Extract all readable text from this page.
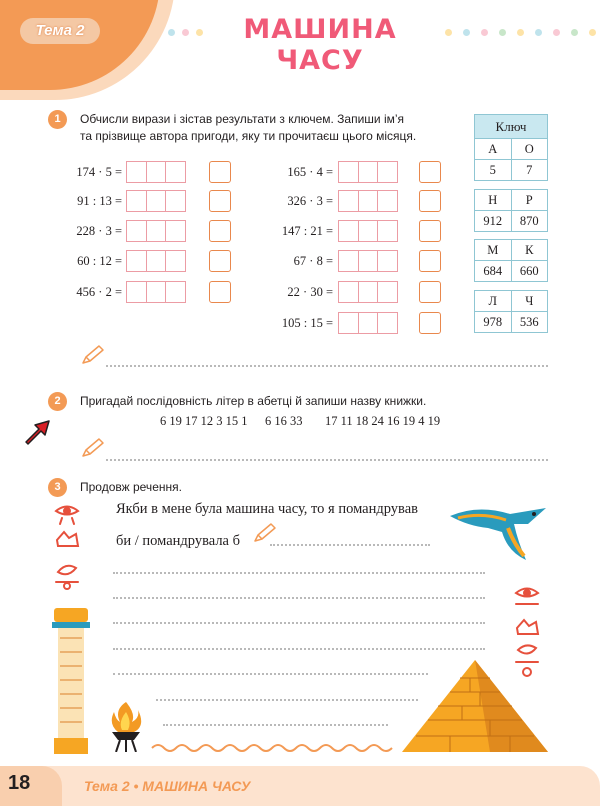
Тема 2	МАШИНА ЧАСУ
1	Обчисли вирази і зістав результати з ключем. Запиши ім’я
та прізвище автора пригоди, яку ти прочитаєш цього місяця.
174 · 5 =
91 : 13 =
228 · 3 =
60 : 12 =
456 · 2 =
165 · 4 =
326 · 3 =
147 : 21 =
67 · 8 =
22 · 30 =
105 : 15 =
Ключ
А	О
5	7
Н	Р
912	870
М	К
684	660
Л	Ч
978	536
2	Пригадай послідовність літер в абетці й запиши назву книжки.
6 19 17 12 3 15 1 6 16 33 17 11 18 24 16 19 4 19
3	Продовж речення.
Якби в мене була машина часу, то я помандрував
би / помандрувала б
18	Тема 2 • МАШИНА ЧАСУ
